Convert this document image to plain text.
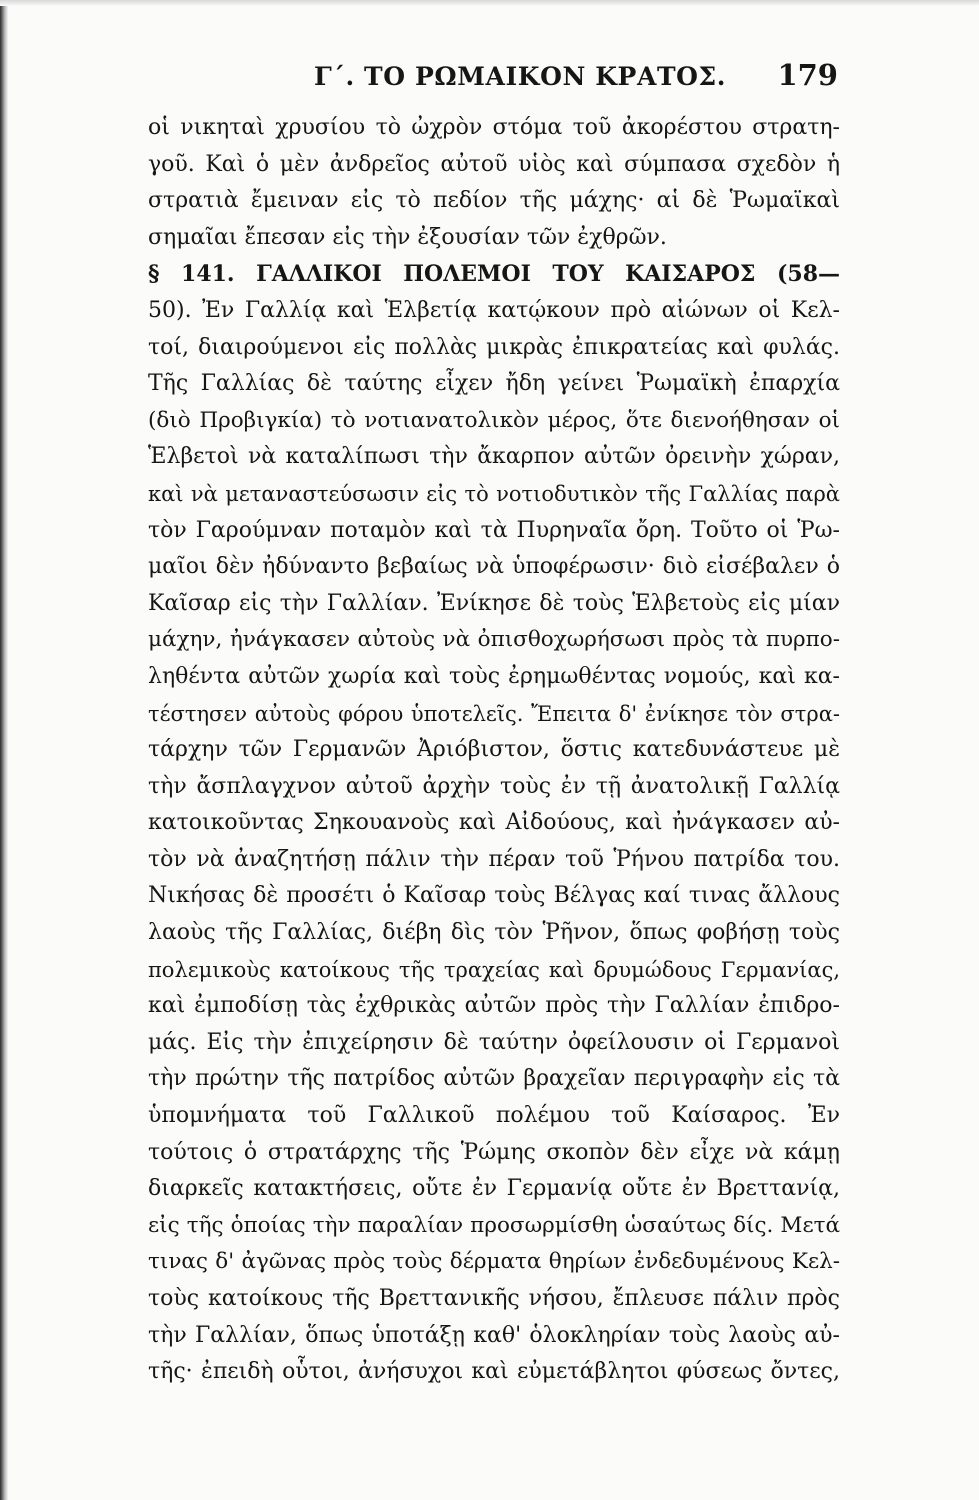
Γ΄. ΤΟ ΡΩΜΑΙΚΟΝ ΚΡΑΤΟΣ. 179
οἱ νικηταὶ χρυσίου τὸ ὠχρὸν στόμα τοῦ ἀκορέστου στρατη-
γοῦ. Καὶ ὁ μὲν ἀνδρεῖος αὐτοῦ υἱὸς καὶ σύμπασα σχεδὸν ἡ
στρατιὰ ἔμειναν εἰς τὸ πεδίον τῆς μάχης· αἱ δὲ Ῥωμαϊκαὶ
σημαῖαι ἔπεσαν εἰς τὴν ἐξουσίαν τῶν ἐχθρῶν.
§ 141. ΓΑΛΛΙΚΟΙ ΠΟΛΕΜΟΙ ΤΟΥ ΚΑΙΣΑΡΟΣ (58—
50). Ἐν Γαλλίᾳ καὶ Ἑλβετίᾳ κατῴκουν πρὸ αἰώνων οἱ Κελ-
τοί, διαιρούμενοι εἰς πολλὰς μικρὰς ἐπικρατείας καὶ φυλάς.
Τῆς Γαλλίας δὲ ταύτης εἶχεν ἤδη γείνει Ῥωμαϊκὴ ἐπαρχία
(διὸ Προβιγκία) τὸ νοτιανατολικὸν μέρος, ὅτε διενοήθησαν οἱ
Ἑλβετοὶ νὰ καταλίπωσι τὴν ἄκαρπον αὐτῶν ὀρεινὴν χώραν,
καὶ νὰ μεταναστεύσωσιν εἰς τὸ νοτιοδυτικὸν τῆς Γαλλίας παρὰ
τὸν Γαρούμναν ποταμὸν καὶ τὰ Πυρηναῖα ὄρη. Τοῦτο οἱ Ῥω-
μαῖοι δὲν ἠδύναντο βεβαίως νὰ ὑποφέρωσιν· διὸ εἰσέβαλεν ὁ
Καῖσαρ εἰς τὴν Γαλλίαν. Ἐνίκησε δὲ τοὺς Ἑλβετοὺς εἰς μίαν
μάχην, ἠνάγκασεν αὐτοὺς νὰ ὀπισθοχωρήσωσι πρὸς τὰ πυρπο-
ληθέντα αὐτῶν χωρία καὶ τοὺς ἐρημωθέντας νομούς, καὶ κα-
τέστησεν αὐτοὺς φόρου ὑποτελεῖς. Ἔπειτα δ' ἐνίκησε τὸν στρα-
τάρχην τῶν Γερμανῶν Ἀριόβιστον, ὅστις κατεδυνάστευε μὲ
τὴν ἄσπλαγχνον αὐτοῦ ἀρχὴν τοὺς ἐν τῇ ἀνατολικῇ Γαλλίᾳ
κατοικοῦντας Σηκουανοὺς καὶ Αἰδούους, καὶ ἠνάγκασεν αὐ-
τὸν νὰ ἀναζητήσῃ πάλιν τὴν πέραν τοῦ Ῥήνου πατρίδα του.
Νικήσας δὲ προσέτι ὁ Καῖσαρ τοὺς Βέλγας καί τινας ἄλλους
λαοὺς τῆς Γαλλίας, διέβη δὶς τὸν Ῥῆνον, ὅπως φοβήσῃ τοὺς
πολεμικοὺς κατοίκους τῆς τραχείας καὶ δρυμώδους Γερμανίας,
καὶ ἐμποδίσῃ τὰς ἐχθρικὰς αὐτῶν πρὸς τὴν Γαλλίαν ἐπιδρο-
μάς. Εἰς τὴν ἐπιχείρησιν δὲ ταύτην ὀφείλουσιν οἱ Γερμανοὶ
τὴν πρώτην τῆς πατρίδος αὐτῶν βραχεῖαν περιγραφὴν εἰς τὰ
ὑπομνήματα τοῦ Γαλλικοῦ πολέμου τοῦ Καίσαρος. Ἐν
τούτοις ὁ στρατάρχης τῆς Ῥώμης σκοπὸν δὲν εἶχε νὰ κάμῃ
διαρκεῖς κατακτήσεις, οὔτε ἐν Γερμανίᾳ οὔτε ἐν Βρεττανίᾳ,
εἰς τῆς ὁποίας τὴν παραλίαν προσωρμίσθη ὡσαύτως δίς. Μετά
τινας δ' ἀγῶνας πρὸς τοὺς δέρματα θηρίων ἐνδεδυμένους Κελ-
τοὺς κατοίκους τῆς Βρεττανικῆς νήσου, ἔπλευσε πάλιν πρὸς
τὴν Γαλλίαν, ὅπως ὑποτάξῃ καθ' ὁλοκληρίαν τοὺς λαοὺς αὐ-
τῆς· ἐπειδὴ οὗτοι, ἀνήσυχοι καὶ εὐμετάβλητοι φύσεως ὄντες,
